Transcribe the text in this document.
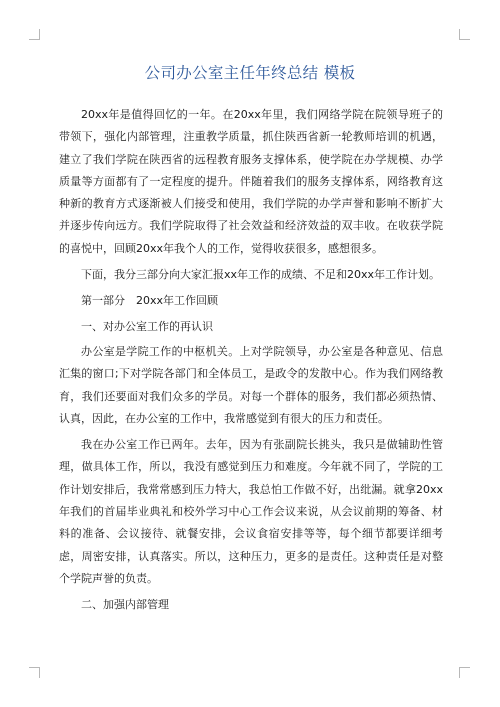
公司办公室主任年终总结 模板

20xx年是值得回忆的一年。在20xx年里，我们网络学院在院领导班子的带领下，强化内部管理，注重教学质量，抓住陕西省新一轮教师培训的机遇，建立了我们学院在陕西省的远程教育服务支撑体系，使学院在办学规模、办学质量等方面都有了一定程度的提升。伴随着我们的服务支撑体系，网络教育这种新的教育方式逐渐被人们接受和使用，我们学院的办学声誉和影响不断扩大并逐步传向远方。我们学院取得了社会效益和经济效益的双丰收。在收获学院的喜悦中，回顾20xx年我个人的工作，觉得收获很多，感想很多。

下面，我分三部分向大家汇报xx年工作的成绩、不足和20xx年工作计划。

第一部分　20xx年工作回顾

一、对办公室工作的再认识

办公室是学院工作的中枢机关。上对学院领导，办公室是各种意见、信息汇集的窗口;下对学院各部门和全体员工，是政令的发散中心。作为我们网络教育，我们还要面对我们众多的学员。对每一个群体的服务，我们都必须热情、认真，因此，在办公室的工作中，我常感觉到有很大的压力和责任。

我在办公室工作已两年。去年，因为有张副院长挑头，我只是做辅助性管理，做具体工作，所以，我没有感觉到压力和难度。今年就不同了，学院的工作计划安排后，我常常感到压力特大，我总怕工作做不好，出纰漏。就拿20xx年我们的首届毕业典礼和校外学习中心工作会议来说，从会议前期的筹备、材料的准备、会议接待、就餐安排，会议食宿安排等等，每个细节都要详细考虑，周密安排，认真落实。所以，这种压力，更多的是责任。这种责任是对整个学院声誉的负责。

二、加强内部管理
